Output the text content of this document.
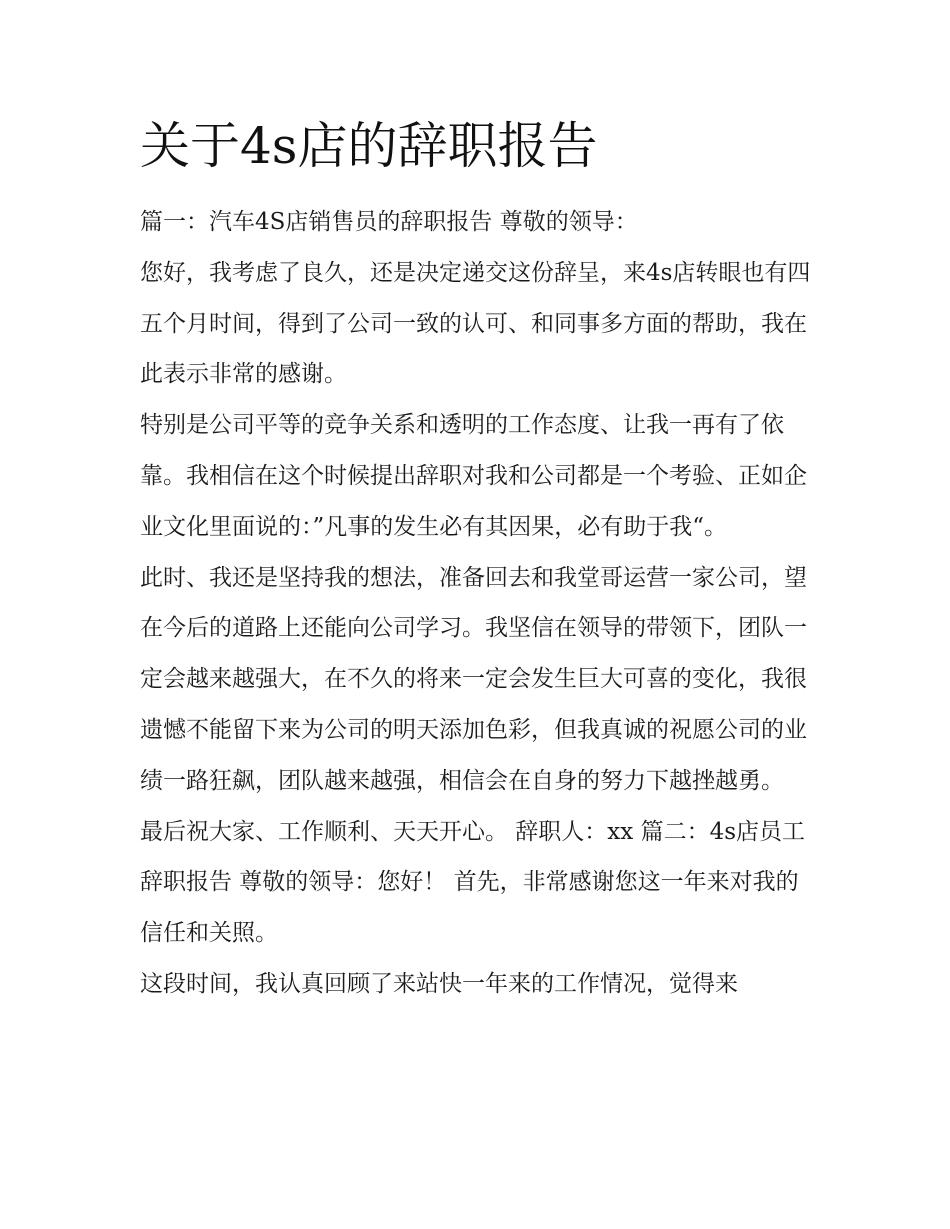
关于4s店的辞职报告

篇一：汽车4S店销售员的辞职报告 尊敬的领导：

您好，我考虑了良久，还是决定递交这份辞呈，来4s店转眼也有四五个月时间，得到了公司一致的认可、和同事多方面的帮助，我在此表示非常的感谢。

特别是公司平等的竞争关系和透明的工作态度、让我一再有了依靠。我相信在这个时候提出辞职对我和公司都是一个考验、正如企业文化里面说的：”凡事的发生必有其因果，必有助于我“。

此时、我还是坚持我的想法，准备回去和我堂哥运营一家公司，望在今后的道路上还能向公司学习。我坚信在领导的带领下，团队一定会越来越强大，在不久的将来一定会发生巨大可喜的变化，我很遗憾不能留下来为公司的明天添加色彩，但我真诚的祝愿公司的业绩一路狂飙，团队越来越强，相信会在自身的努力下越挫越勇。

最后祝大家、工作顺利、天天开心。 辞职人：xx 篇二：4s店员工辞职报告 尊敬的领导：您好！ 首先，非常感谢您这一年来对我的信任和关照。

这段时间，我认真回顾了来站快一年来的工作情况，觉得来
